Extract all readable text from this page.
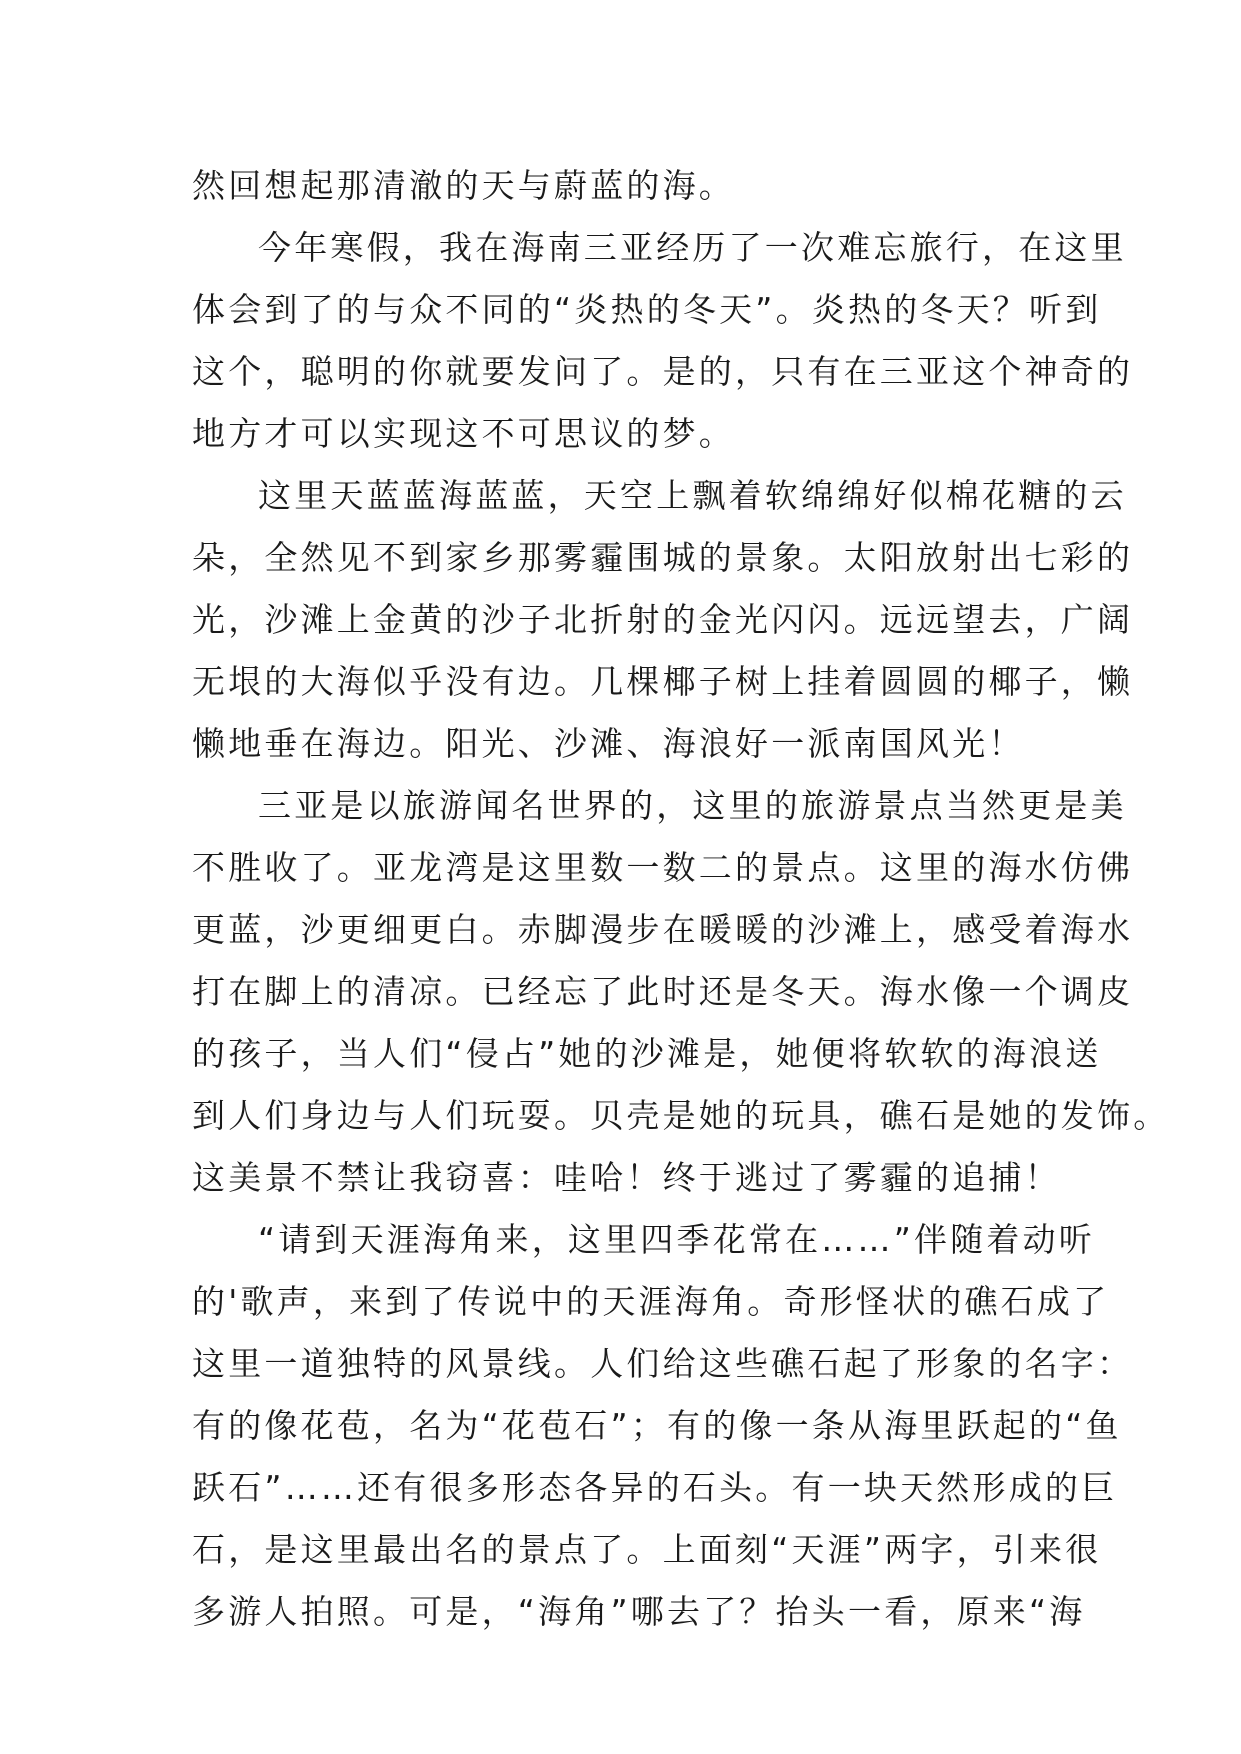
然回想起那清澈的天与蔚蓝的海。
今年寒假，我在海南三亚经历了一次难忘旅行，在这里
体会到了的与众不同的“炎热的冬天”。炎热的冬天？听到
这个，聪明的你就要发问了。是的，只有在三亚这个神奇的
地方才可以实现这不可思议的梦。
这里天蓝蓝海蓝蓝，天空上飘着软绵绵好似棉花糖的云
朵，全然见不到家乡那雾霾围城的景象。太阳放射出七彩的
光，沙滩上金黄的沙子北折射的金光闪闪。远远望去，广阔
无垠的大海似乎没有边。几棵椰子树上挂着圆圆的椰子，懒
懒地垂在海边。阳光、沙滩、海浪好一派南国风光！
三亚是以旅游闻名世界的，这里的旅游景点当然更是美
不胜收了。亚龙湾是这里数一数二的景点。这里的海水仿佛
更蓝，沙更细更白。赤脚漫步在暖暖的沙滩上，感受着海水
打在脚上的清凉。已经忘了此时还是冬天。海水像一个调皮
的孩子，当人们“侵占”她的沙滩是，她便将软软的海浪送
到人们身边与人们玩耍。贝壳是她的玩具，礁石是她的发饰。
这美景不禁让我窃喜：哇哈！终于逃过了雾霾的追捕！
“请到天涯海角来，这里四季花常在……”伴随着动听
的'歌声，来到了传说中的天涯海角。奇形怪状的礁石成了
这里一道独特的风景线。人们给这些礁石起了形象的名字：
有的像花苞，名为“花苞石”；有的像一条从海里跃起的“鱼
跃石”……还有很多形态各异的石头。有一块天然形成的巨
石，是这里最出名的景点了。上面刻“天涯”两字，引来很
多游人拍照。可是，“海角”哪去了？抬头一看，原来“海
